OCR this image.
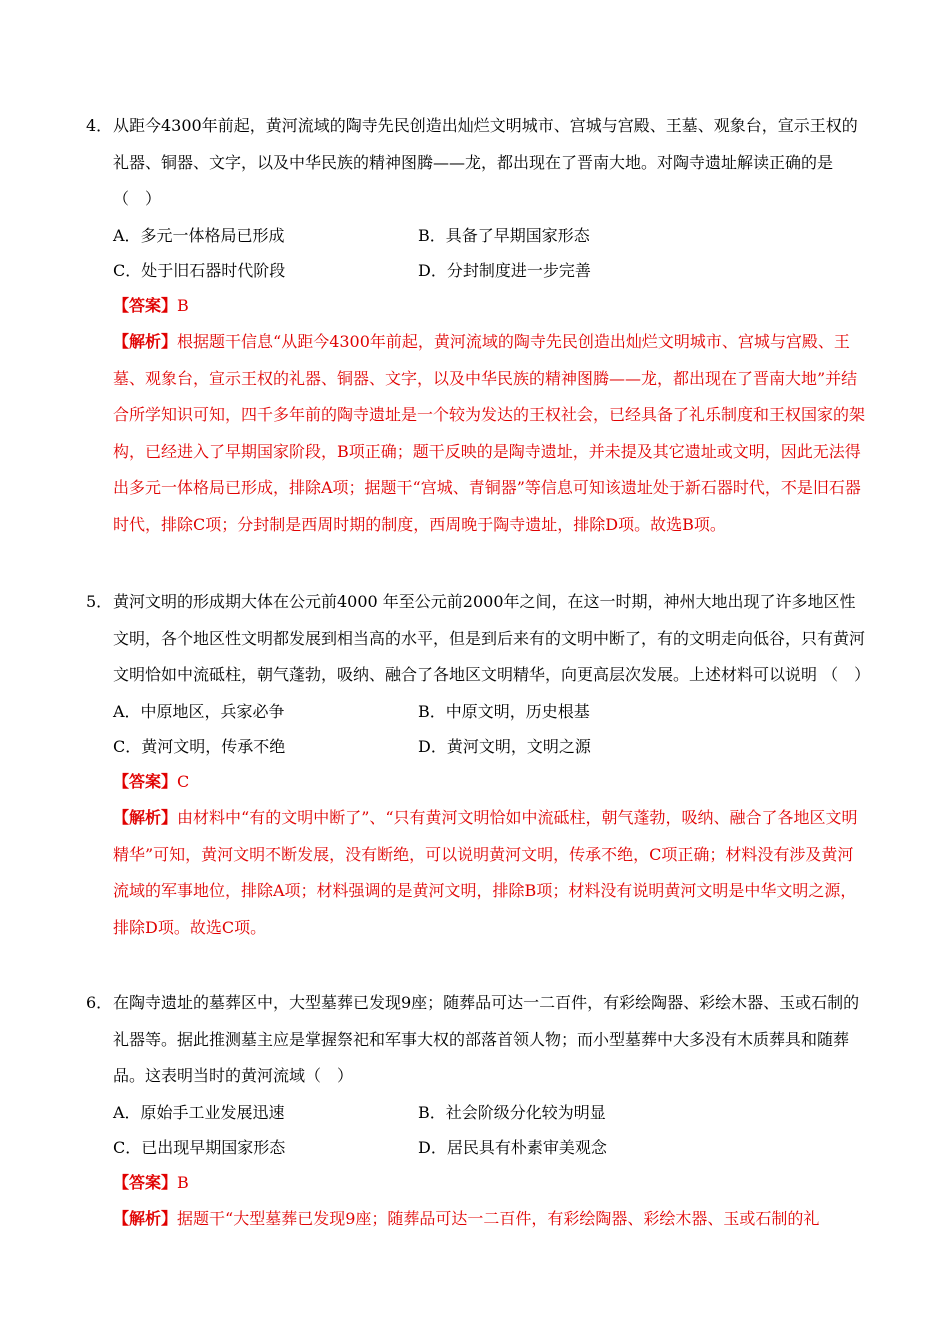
4． 从距今4300年前起，黄河流域的陶寺先民创造出灿烂文明城市、宫城与宫殿、王墓、观象台，宣示王权的礼器、铜器、文字，以及中华民族的精神图腾——龙，都出现在了晋南大地。对陶寺遗址解读正确的是（　）
A．多元一体格局已形成	B．具备了早期国家形态
C．处于旧石器时代阶段	D．分封制度进一步完善
【答案】B
【解析】根据题干信息“从距今4300年前起，黄河流域的陶寺先民创造出灿烂文明城市、宫城与宫殿、王墓、观象台，宣示王权的礼器、铜器、文字，以及中华民族的精神图腾——龙，都出现在了晋南大地”并结合所学知识可知，四千多年前的陶寺遗址是一个较为发达的王权社会，已经具备了礼乐制度和王权国家的架构，已经进入了早期国家阶段，B项正确；题干反映的是陶寺遗址，并未提及其它遗址或文明，因此无法得出多元一体格局已形成，排除A项；据题干“宫城、青铜器”等信息可知该遗址处于新石器时代，不是旧石器时代，排除C项；分封制是西周时期的制度，西周晚于陶寺遗址，排除D项。故选B项。
5． 黄河文明的形成期大体在公元前4000 年至公元前2000年之间，在这一时期，神州大地出现了许多地区性文明，各个地区性文明都发展到相当高的水平，但是到后来有的文明中断了，有的文明走向低谷，只有黄河文明恰如中流砥柱，朝气蓬勃，吸纳、融合了各地区文明精华，向更高层次发展。上述材料可以说明 （　）
A．中原地区，兵家必争	B．中原文明，历史根基
C．黄河文明，传承不绝	D．黄河文明，文明之源
【答案】C
【解析】由材料中“有的文明中断了”、“只有黄河文明恰如中流砥柱，朝气蓬勃，吸纳、融合了各地区文明精华”可知，黄河文明不断发展，没有断绝，可以说明黄河文明，传承不绝，C项正确；材料没有涉及黄河流域的军事地位，排除A项；材料强调的是黄河文明，排除B项；材料没有说明黄河文明是中华文明之源，排除D项。故选C项。
6． 在陶寺遗址的墓葬区中，大型墓葬已发现9座；随葬品可达一二百件，有彩绘陶器、彩绘木器、玉或石制的礼器等。据此推测墓主应是掌握祭祀和军事大权的部落首领人物；而小型墓葬中大多没有木质葬具和随葬品。这表明当时的黄河流域（　）
A．原始手工业发展迅速	B．社会阶级分化较为明显
C．已出现早期国家形态	D．居民具有朴素审美观念
【答案】B
【解析】据题干“大型墓葬已发现9座；随葬品可达一二百件，有彩绘陶器、彩绘木器、玉或石制的礼
